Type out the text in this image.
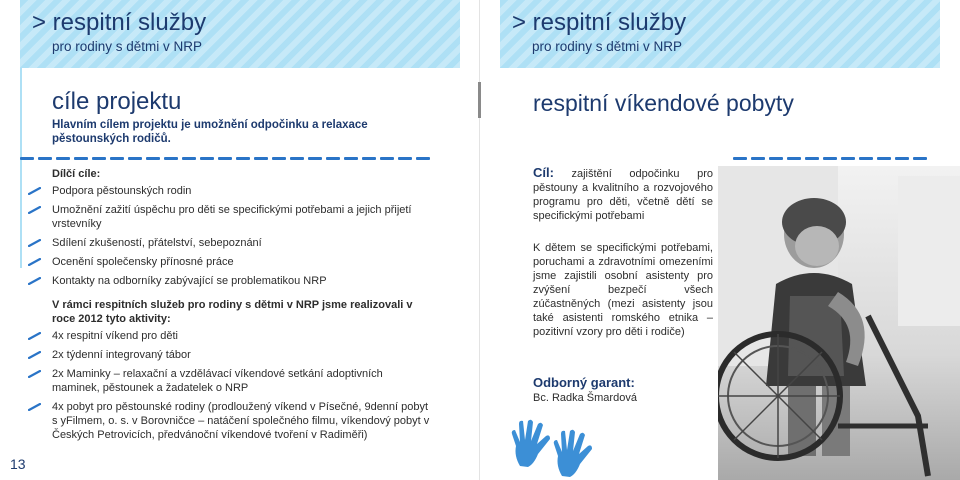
> respitní služby
pro rodiny s dětmi v NRP
cíle projektu
Hlavním cílem projektu je umožnění odpočinku a relaxace pěstounských rodičů.
Dílčí cíle:
Podpora pěstounských rodin
Umožnění zažití úspěchu pro děti se specifickými potřebami a jejich přijetí vrstevníky
Sdílení zkušeností, přátelství, sebepoznání
Ocenění společensky přínosné práce
Kontakty na odborníky zabývající se problematikou NRP
V rámci respitních služeb pro rodiny s dětmi v NRP jsme realizovali v roce 2012 tyto aktivity:
4x respitní víkend pro děti
2x týdenní integrovaný tábor
2x Maminky – relaxační a vzdělávací víkendové setkání adoptivních maminek, pěstounek a žadatelek o NRP
4x pobyt pro pěstounské rodiny (prodloužený víkend v Písečné, 9denní pobyt s yFilmem, o. s. v Borovničce – natáčení společného filmu, víkendový pobyt v Českých Petrovicích, předvánoční víkendové tvoření v Radiměři)
13
> respitní služby
pro rodiny s dětmi v NRP
respitní víkendové pobyty
Cíl: zajištění odpočinku pro pěstouny a kvalitního a rozvojového programu pro děti, včetně dětí se specifickými potřebami
K dětem se specifickými potřebami, poruchami a zdravotními omezeními jsme zajistili osobní asistenty pro zvýšení bezpečí všech zúčastněných (mezi asistenty jsou také asistenti romského etnika – pozitivní vzory pro děti i rodiče)
Odborný garant:
Bc. Radka Šmardová
